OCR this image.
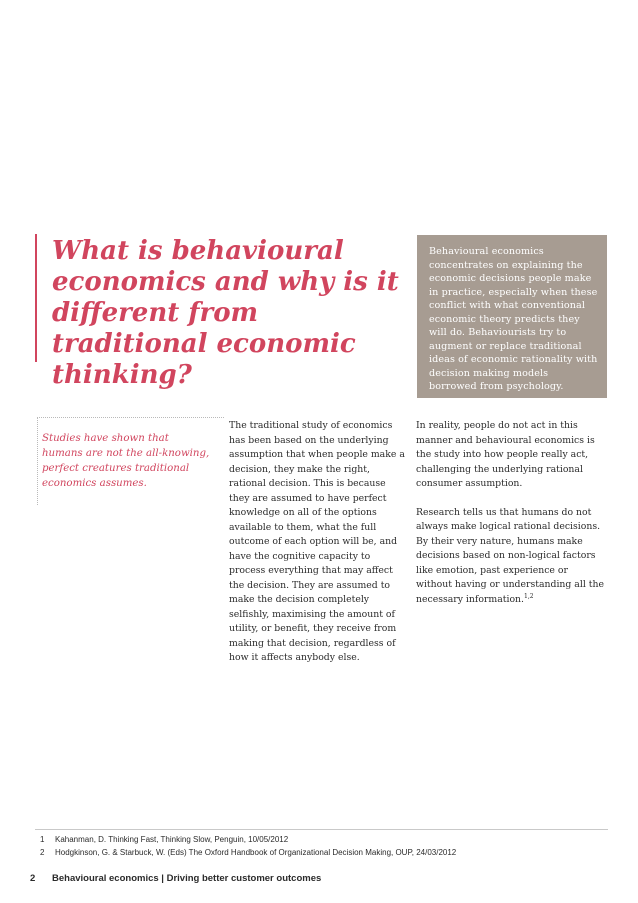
What is behavioural economics and why is it different from traditional economic thinking?

Behavioural economics concentrates on explaining the economic decisions people make in practice, especially when these conflict with what conventional economic theory predicts they will do. Behaviourists try to augment or replace traditional ideas of economic rationality with decision making models borrowed from psychology.

Studies have shown that humans are not the all-knowing, perfect creatures traditional economics assumes.

The traditional study of economics has been based on the underlying assumption that when people make a decision, they make the right, rational decision. This is because they are assumed to have perfect knowledge on all of the options available to them, what the full outcome of each option will be, and have the cognitive capacity to process everything that may affect the decision. They are assumed to make the decision completely selfishly, maximising the amount of utility, or benefit, they receive from making that decision, regardless of how it affects anybody else.

In reality, people do not act in this manner and behavioural economics is the study into how people really act, challenging the underlying rational consumer assumption.

Research tells us that humans do not always make logical rational decisions. By their very nature, humans make decisions based on non-logical factors like emotion, past experience or without having or understanding all the necessary information.$^{1,2}$

1	Kahanman, D. Thinking Fast, Thinking Slow, Penguin, 10/05/2012
2	Hodgkinson, G. & Starbuck, W. (Eds) The Oxford Handbook of Organizational Decision Making, OUP, 24/03/2012
2	Behavioural economics | Driving better customer outcomes
